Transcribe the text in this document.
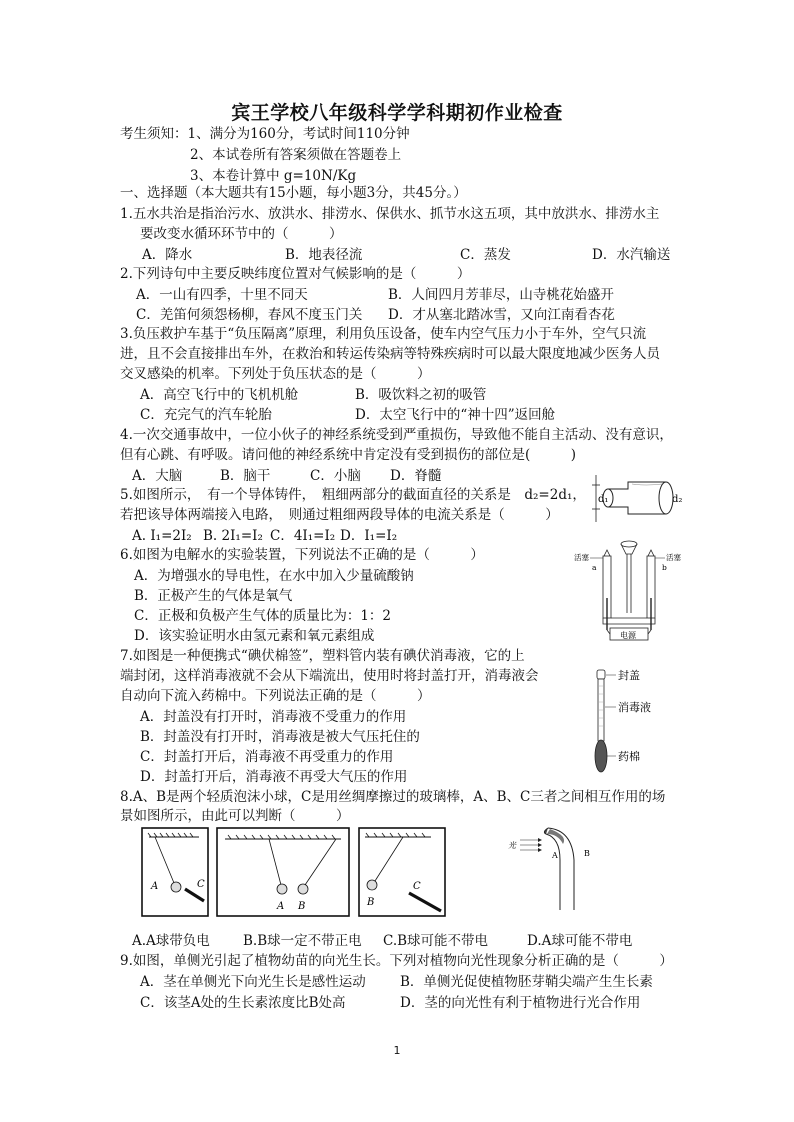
宾王学校八年级科学学科期初作业检查
考生须知：1、满分为160分，考试时间110分钟
2、本试卷所有答案须做在答题卷上
3、本卷计算中 g=10N/Kg
一、选择题（本大题共有15小题，每小题3分，共45分。）
1.五水共治是指治污水、放洪水、排涝水、保供水、抓节水这五项，其中放洪水、排涝水主
要改变水循环环节中的（　　　）
A．降水	B．地表径流	C．蒸发	D．水汽输送
2.下列诗句中主要反映纬度位置对气候影响的是（　　　）
A．一山有四季，十里不同天	B．人间四月芳菲尽，山寺桃花始盛开
C．羌笛何须怨杨柳，春风不度玉门关 D．才从塞北踏冰雪，又向江南看杏花
3.负压救护车基于“负压隔离”原理，利用负压设备，使车内空气压力小于车外，空气只流
进，且不会直接排出车外，在救治和转运传染病等特殊疾病时可以最大限度地减少医务人员
交叉感染的机率。下列处于负压状态的是（　　　）
A．高空飞行中的飞机机舱	B．吸饮料之初的吸管
C．充完气的汽车轮胎	D．太空飞行中的“神十四”返回舱
4.一次交通事故中，一位小伙子的神经系统受到严重损伤，导致他不能自主活动、没有意识，
但有心跳、有呼吸。请问他的神经系统中肯定没有受到损伤的部位是(　　　)
A．大脑	B．脑干	C．小脑 D．脊髓
5.如图所示，　有一个导体铸件，　粗细两部分的截面直径的关系是　d₂=2d₁，
若把该导体两端接入电路，　则通过粗细两段导体的电流关系是（　　　）
A. I₁=2I₂ B. 2I₁=I₂ C．4I₁=I₂ D．I₁=I₂
d₁	d₂
6.如图为电解水的实验装置，下列说法不正确的是（　　　）
A．为增强水的导电性，在水中加入少量硫酸钠
B．正极产生的气体是氧气
C．正极和负极产生气体的质量比为：1：2
D．该实验证明水由氢元素和氧元素组成	电源
活塞
a
活塞
b
7.如图是一种便携式“碘伏棉签”，塑料管内装有碘伏消毒液，它的上
端封闭，这样消毒液就不会从下端流出，使用时将封盖打开，消毒液会
自动向下流入药棉中。下列说法正确的是（　　　）
A．封盖没有打开时，消毒液不受重力的作用
B．封盖没有打开时，消毒液是被大气压托住的
C．封盖打开后，消毒液不再受重力的作用
D．封盖打开后，消毒液不再受大气压的作用
封盖
消毒液
药棉
8.A、B是两个轻质泡沫小球，C是用丝绸摩擦过的玻璃棒，A、B、C三者之间相互作用的场
景如图所示，由此可以判断（　　　）
A	C
A B	B
C
光
A	B
A.A球带负电 B.B球一定不带正电 C.B球可能不带电	D.A球可能不带电
9.如图，单侧光引起了植物幼苗的向光生长。下列对植物向光性现象分析正确的是（　　　）
A．茎在单侧光下向光生长是感性运动	B．单侧光促使植物胚芽鞘尖端产生生长素
C．该茎A处的生长素浓度比B处高	D．茎的向光性有利于植物进行光合作用
1
